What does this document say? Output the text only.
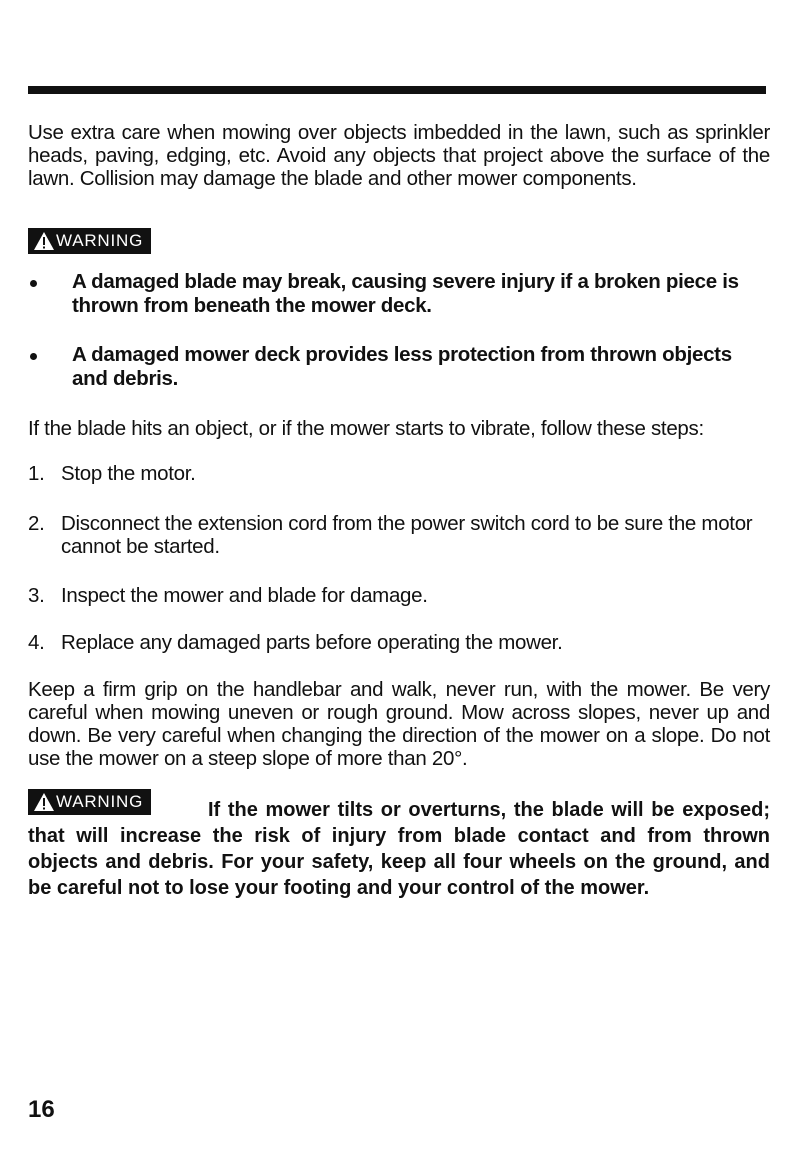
Use extra care when mowing over objects imbedded in the lawn, such as sprinkler heads, paving, edging, etc. Avoid any objects that project above the surface of the lawn. Collision may damage the blade and other mower components.
WARNING
A damaged blade may break, causing severe injury if a broken piece is thrown from beneath the mower deck.
A damaged mower deck provides less protection from thrown objects and debris.
If the blade hits an object, or if the mower starts to vibrate, follow these steps:
1. Stop the motor.
2. Disconnect the extension cord from the power switch cord to be sure the motor cannot be started.
3. Inspect the mower and blade for damage.
4. Replace any damaged parts before operating the mower.
Keep a firm grip on the handlebar and walk, never run, with the mower. Be very careful when mowing uneven or rough ground. Mow across slopes, never up and down. Be very careful when changing the direction of the mower on a slope. Do not use the mower on a steep slope of more than 20°.
WARNING	If the mower tilts or overturns, the blade will be exposed; that will increase the risk of injury from blade contact and from thrown objects and debris. For your safety, keep all four wheels on the ground, and be careful not to lose your footing and your control of the mower.
16
